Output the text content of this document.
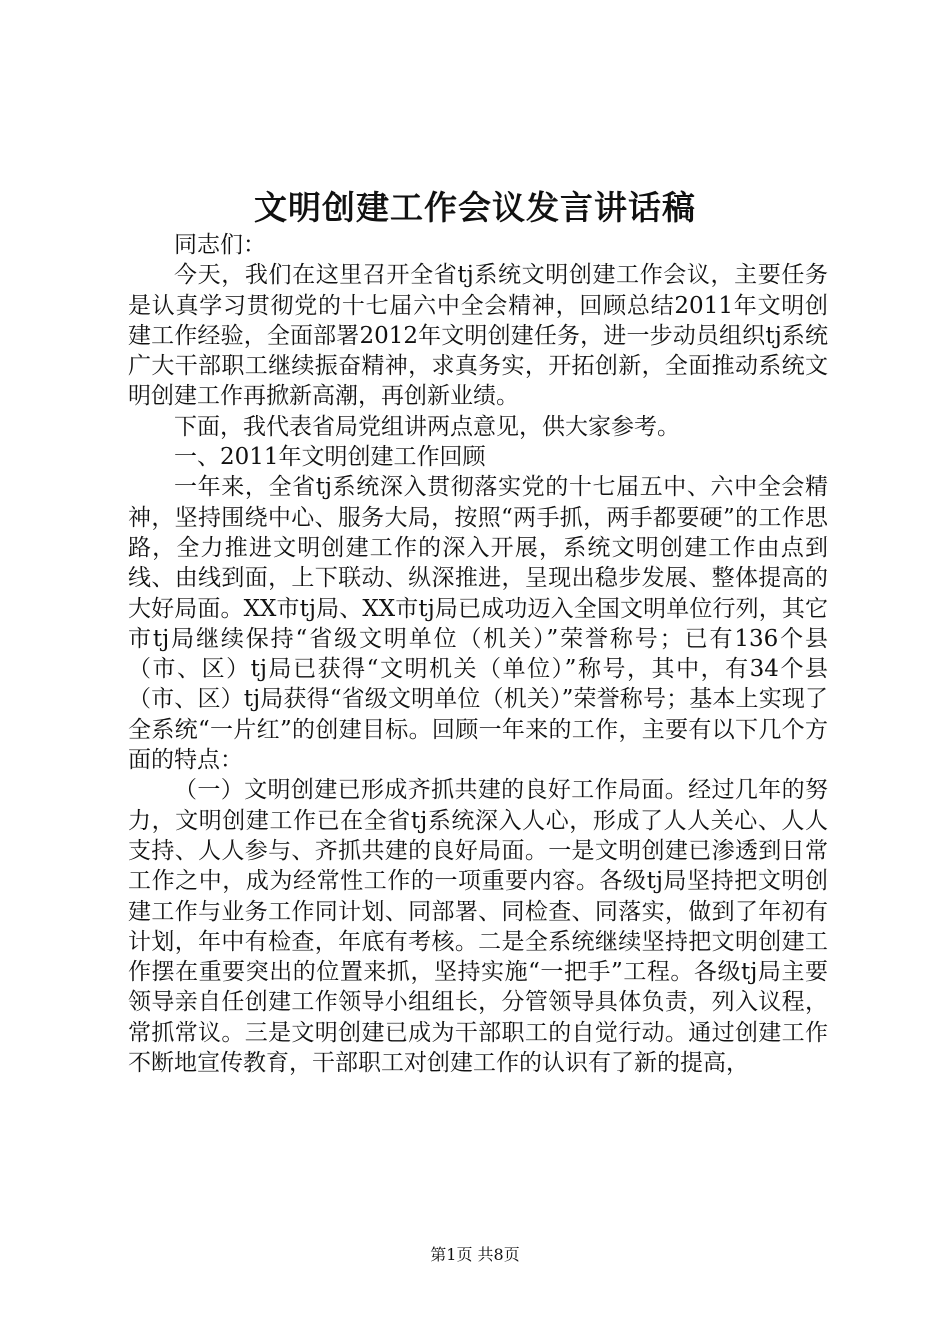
文明创建工作会议发言讲话稿

同志们：

今天，我们在这里召开全省tj系统文明创建工作会议，主要任务是认真学习贯彻党的十七届六中全会精神，回顾总结2011年文明创建工作经验，全面部署2012年文明创建任务，进一步动员组织tj系统广大干部职工继续振奋精神，求真务实，开拓创新，全面推动系统文明创建工作再掀新高潮，再创新业绩。

下面，我代表省局党组讲两点意见，供大家参考。

一、2011年文明创建工作回顾

一年来，全省tj系统深入贯彻落实党的十七届五中、六中全会精神，坚持围绕中心、服务大局，按照“两手抓，两手都要硬”的工作思路，全力推进文明创建工作的深入开展，系统文明创建工作由点到线、由线到面，上下联动、纵深推进，呈现出稳步发展、整体提高的大好局面。XX市tj局、XX市tj局已成功迈入全国文明单位行列，其它市tj局继续保持“省级文明单位（机关）”荣誉称号；已有136个县（市、区）tj局已获得“文明机关（单位）”称号，其中，有34个县（市、区）tj局获得“省级文明单位（机关）”荣誉称号；基本上实现了全系统“一片红”的创建目标。回顾一年来的工作，主要有以下几个方面的特点：

（一）文明创建已形成齐抓共建的良好工作局面。经过几年的努力，文明创建工作已在全省tj系统深入人心，形成了人人关心、人人支持、人人参与、齐抓共建的良好局面。一是文明创建已渗透到日常工作之中，成为经常性工作的一项重要内容。各级tj局坚持把文明创建工作与业务工作同计划、同部署、同检查、同落实，做到了年初有计划，年中有检查，年底有考核。二是全系统继续坚持把文明创建工作摆在重要突出的位置来抓，坚持实施“一把手”工程。各级tj局主要领导亲自任创建工作领导小组组长，分管领导具体负责，列入议程，常抓常议。三是文明创建已成为干部职工的自觉行动。通过创建工作不断地宣传教育，干部职工对创建工作的认识有了新的提高，

第1页 共8页
